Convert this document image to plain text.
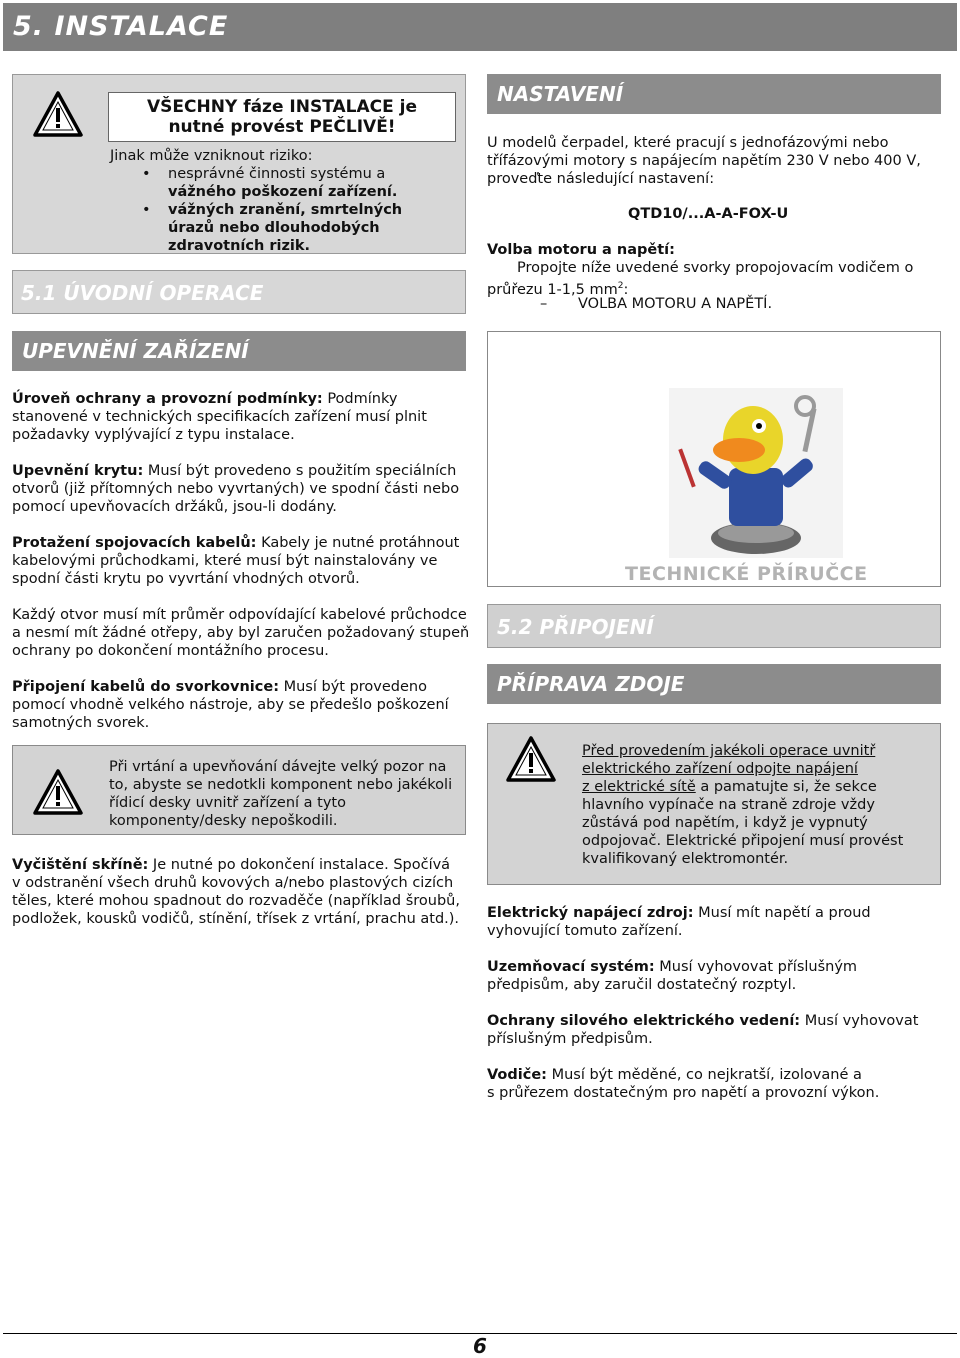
5. INSTALACE
VŠECHNY fáze INSTALACE je
nutné provést PEČLIVĚ!
Jinak může vzniknout riziko:
• nesprávné činnosti systému a
vážného poškození zařízení.
• vážných zranění, smrtelných
úrazů nebo dlouhodobých
zdravotních rizik.
5.1 ÚVODNÍ OPERACE
UPEVNĚNÍ ZAŘÍZENÍ
Úroveň ochrany a provozní podmínky: Podmínky
stanovené v technických specifikacích zařízení musí plnit
požadavky vyplývající z typu instalace.
Upevnění krytu: Musí být provedeno s použitím speciálních
otvorů (již přítomných nebo vyvrtaných) ve spodní části nebo
pomocí upevňovacích držáků, jsou-li dodány.
Protažení spojovacích kabelů: Kabely je nutné protáhnout
kabelovými průchodkami, které musí být nainstalovány ve
spodní části krytu po vyvrtání vhodných otvorů.
Každý otvor musí mít průměr odpovídající kabelové průchodce
a nesmí mít žádné otřepy, aby byl zaručen požadovaný stupeň
ochrany po dokončení montážního procesu.
Připojení kabelů do svorkovnice: Musí být provedeno
pomocí vhodně velkého nástroje, aby se předešlo poškození
samotných svorek.
Při vrtání a upevňování dávejte velký pozor na
to, abyste se nedotkli komponent nebo jakékoli
řídicí desky uvnitř zařízení a tyto
komponenty/desky nepoškodili.
Vyčištění skříně: Je nutné po dokončení instalace. Spočívá
v odstranění všech druhů kovových a/nebo plastových cizích
těles, které mohou spadnout do rozvaděče (například šroubů,
podložek, kousků vodičů, stínění, třísek z vrtání, prachu atd.).
NASTAVENÍ
U modelů čerpadel, které pracují s jednofázovými nebo
třífázovými motory s napájecím napětím 230 V nebo 400 V,
proveďte následující nastavení:
QTD10/...A-A-FOX-U
Volba motoru a napětí:
Propojte níže uvedené svorky propojovacím vodičem o
průřezu 1-1,5 $mm^2$:
– VOLBA MOTORU A NAPĚTÍ.
TECHNICKÉ PŘÍRUČCE
5.2 PŘIPOJENÍ
PŘÍPRAVA ZDOJE
Před provedením jakékoli operace uvnitř
elektrického zařízení odpojte napájení
z elektrické sítě a pamatujte si, že sekce
hlavního vypínače na straně zdroje vždy
zůstává pod napětím, i když je vypnutý
odpojovač. Elektrické připojení musí provést
kvalifikovaný elektromontér.
Elektrický napájecí zdroj: Musí mít napětí a proud
vyhovující tomuto zařízení.
Uzemňovací systém: Musí vyhovovat příslušným
předpisům, aby zaručil dostatečný rozptyl.
Ochrany silového elektrického vedení: Musí vyhovovat
příslušným předpisům.
Vodiče: Musí být měděné, co nejkratší, izolované a
s průřezem dostatečným pro napětí a provozní výkon.
6
